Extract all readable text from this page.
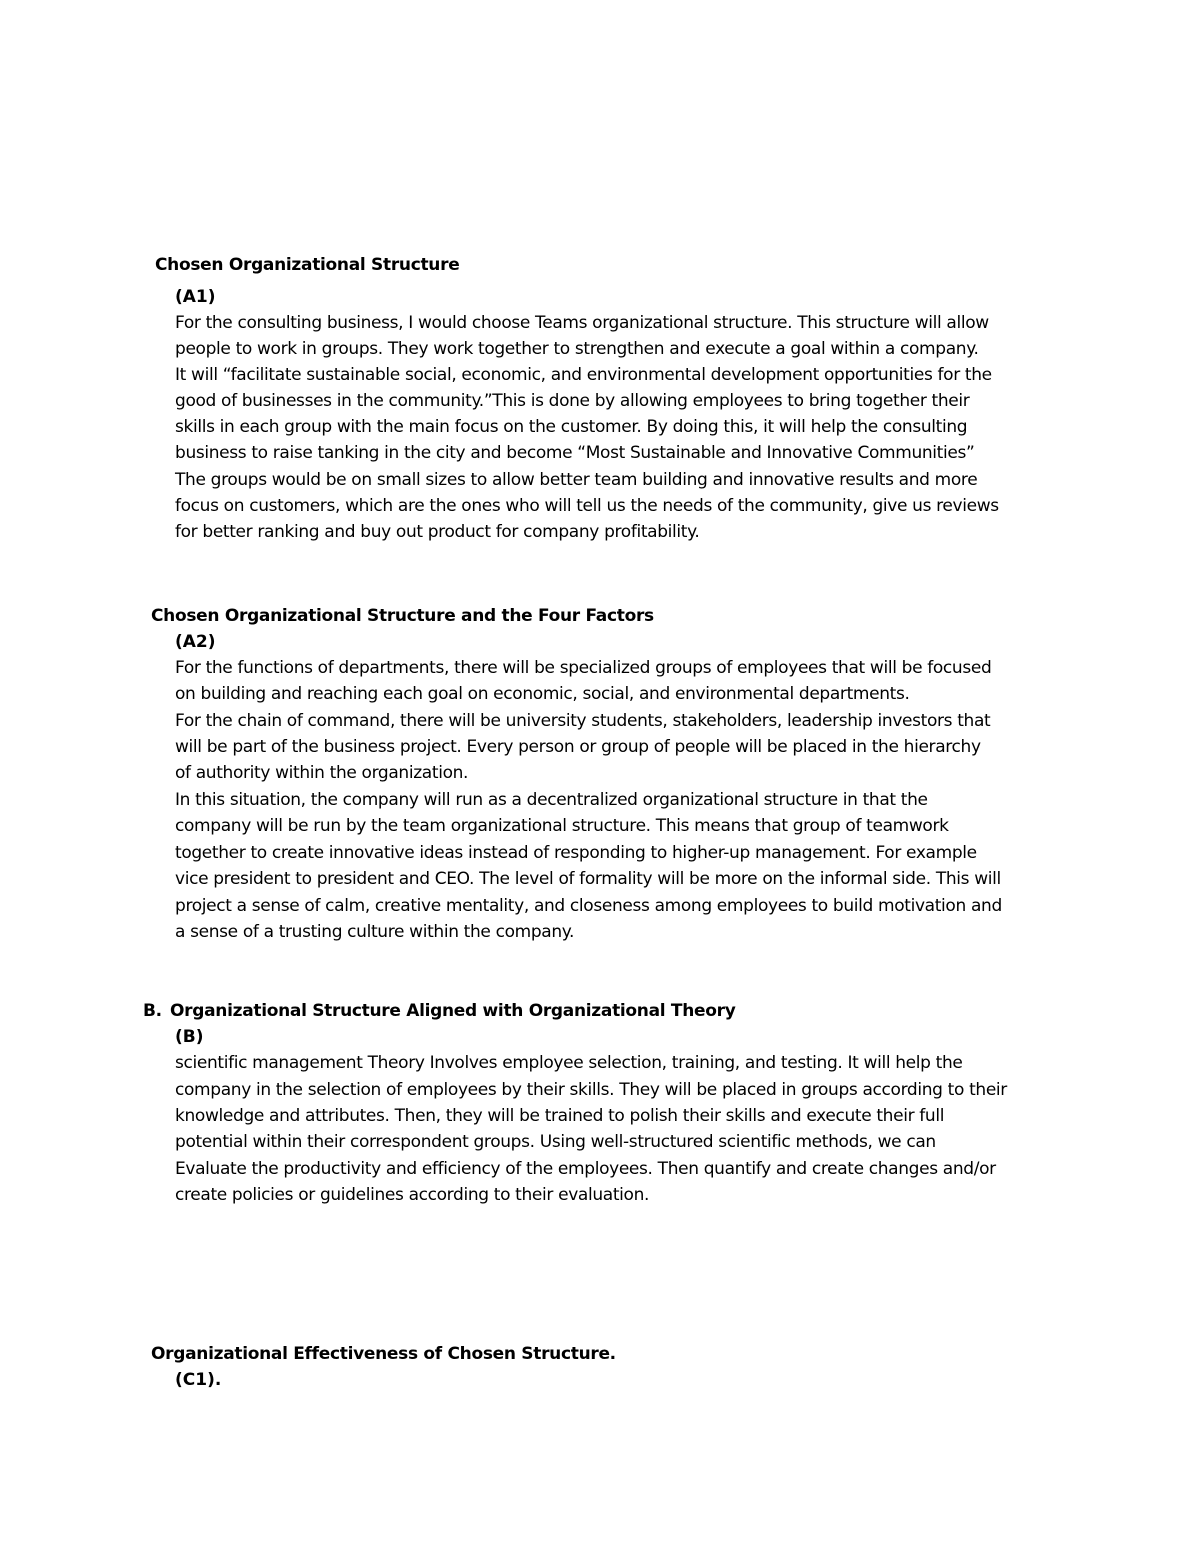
Chosen Organizational Structure
(A1)
For the consulting business, I would choose Teams organizational structure. This structure will allow
people to work in groups. They work together to strengthen and execute a goal within a company.
It will “facilitate sustainable social, economic, and environmental development opportunities for the
good of businesses in the community.”This is done by allowing employees to bring together their
skills in each group with the main focus on the customer. By doing this, it will help the consulting
business to raise tanking in the city and become “Most Sustainable and Innovative Communities”
The groups would be on small sizes to allow better team building and innovative results and more
focus on customers, which are the ones who will tell us the needs of the community, give us reviews
for better ranking and buy out product for company profitability.
Chosen Organizational Structure and the Four Factors
(A2)
For the functions of departments, there will be specialized groups of employees that will be focused
on building and reaching each goal on economic, social, and environmental departments.
For the chain of command, there will be university students, stakeholders, leadership investors that
will be part of the business project. Every person or group of people will be placed in the hierarchy
of authority within the organization.
In this situation, the company will run as a decentralized organizational structure in that the
company will be run by the team organizational structure. This means that group of teamwork
together to create innovative ideas instead of responding to higher-up management. For example
vice president to president and CEO. The level of formality will be more on the informal side. This will
project a sense of calm, creative mentality, and closeness among employees to build motivation and
a sense of a trusting culture within the company.
B. Organizational Structure Aligned with Organizational Theory
(B)
scientific management Theory Involves employee selection, training, and testing. It will help the
company in the selection of employees by their skills. They will be placed in groups according to their
knowledge and attributes. Then, they will be trained to polish their skills and execute their full
potential within their correspondent groups. Using well-structured scientific methods, we can
Evaluate the productivity and efficiency of the employees. Then quantify and create changes and/or
create policies or guidelines according to their evaluation.
Organizational Effectiveness of Chosen Structure.
(C1).
